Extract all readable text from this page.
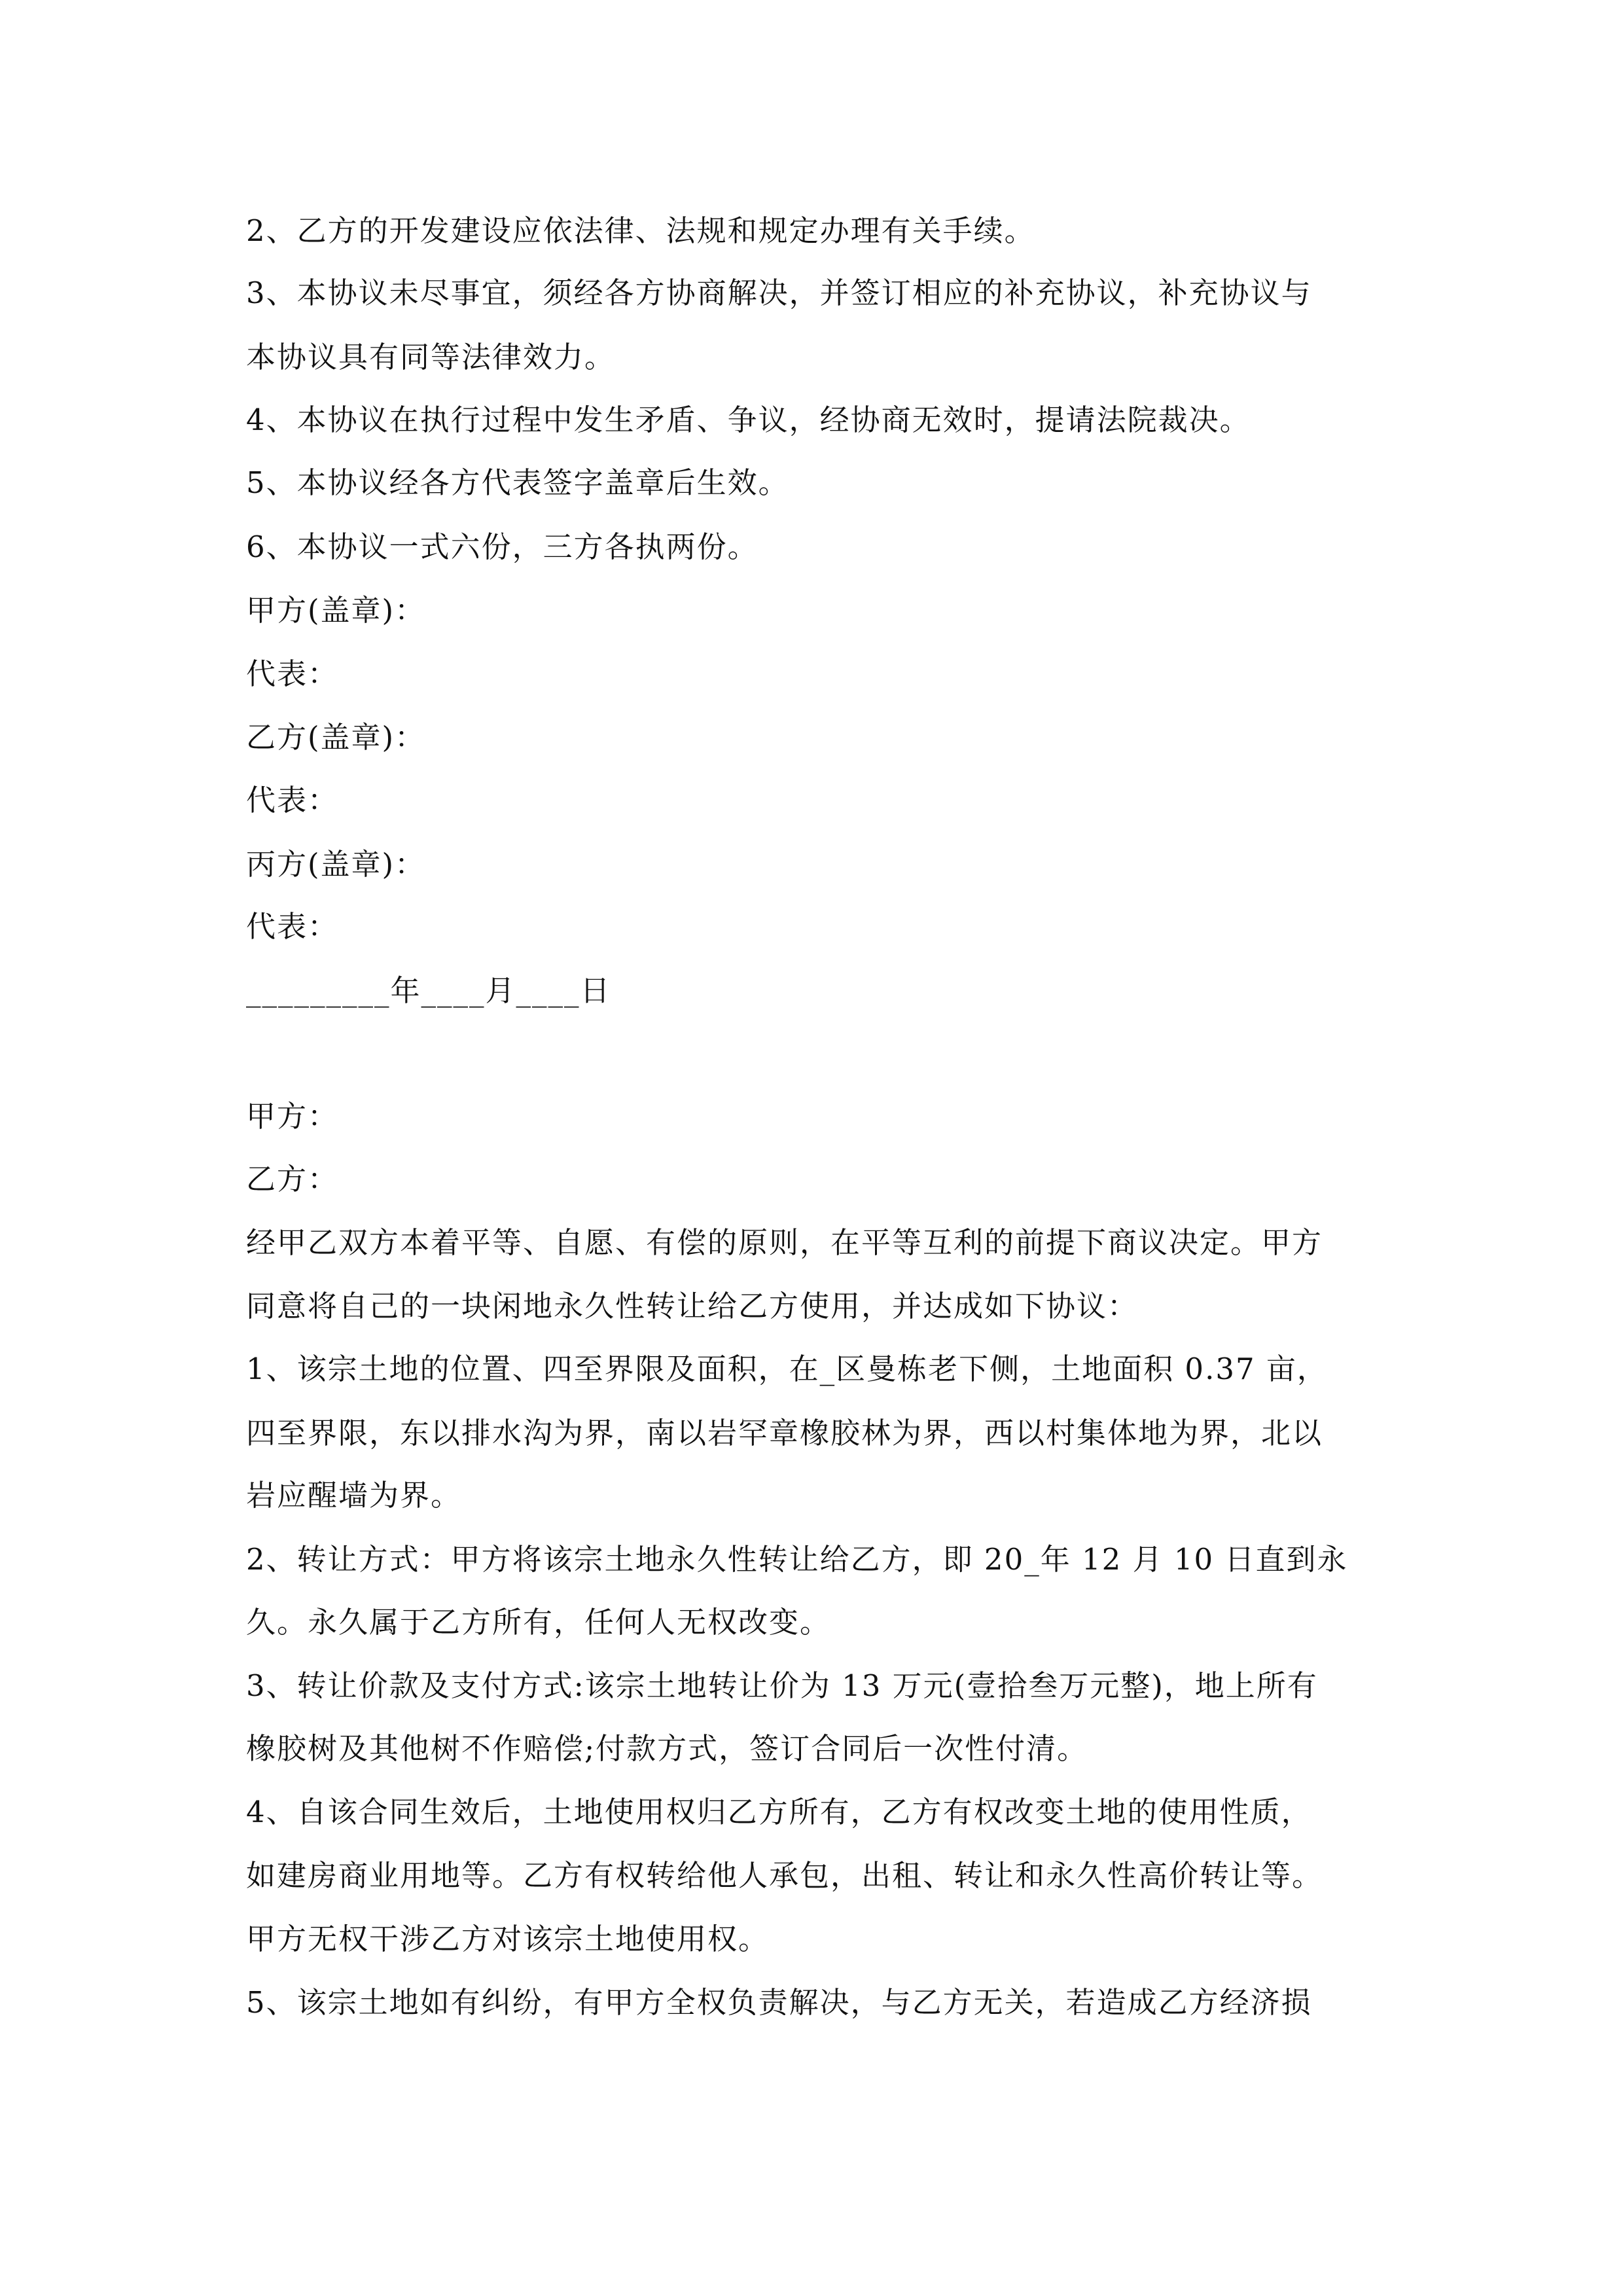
2、乙方的开发建设应依法律、法规和规定办理有关手续。
3、本协议未尽事宜，须经各方协商解决，并签订相应的补充协议，补充协议与
本协议具有同等法律效力。
4、本协议在执行过程中发生矛盾、争议，经协商无效时，提请法院裁决。
5、本协议经各方代表签字盖章后生效。
6、本协议一式六份，三方各执两份。
甲方(盖章)：
代表：
乙方(盖章)：
代表：
丙方(盖章)：
代表：
_________年____月____日
甲方：
乙方：
经甲乙双方本着平等、自愿、有偿的原则，在平等互利的前提下商议决定。甲方
同意将自己的一块闲地永久性转让给乙方使用，并达成如下协议：
1、该宗土地的位置、四至界限及面积，在_区曼栋老下侧，土地面积 0.37 亩，
四至界限，东以排水沟为界，南以岩罕章橡胶林为界，西以村集体地为界，北以
岩应醒墙为界。
2、转让方式：甲方将该宗土地永久性转让给乙方，即 20_年 12 月 10 日直到永
久。永久属于乙方所有，任何人无权改变。
3、转让价款及支付方式:该宗土地转让价为 13 万元(壹拾叁万元整)，地上所有
橡胶树及其他树不作赔偿;付款方式，签订合同后一次性付清。
4、自该合同生效后，土地使用权归乙方所有，乙方有权改变土地的使用性质，
如建房商业用地等。乙方有权转给他人承包，出租、转让和永久性高价转让等。
甲方无权干涉乙方对该宗土地使用权。
5、该宗土地如有纠纷，有甲方全权负责解决，与乙方无关，若造成乙方经济损
